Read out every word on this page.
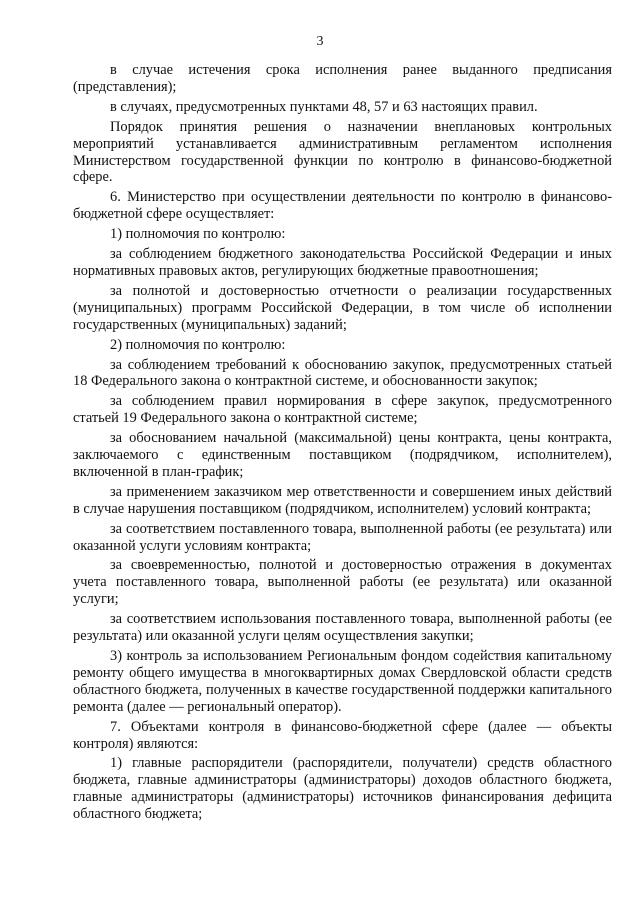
3

в случае истечения срока исполнения ранее выданного предписания (представления);

в случаях, предусмотренных пунктами 48, 57 и 63 настоящих правил.

Порядок принятия решения о назначении внеплановых контрольных мероприятий устанавливается административным регламентом исполнения Министерством государственной функции по контролю в финансово-бюджетной сфере.

6. Министерство при осуществлении деятельности по контролю в финансово-бюджетной сфере осуществляет:

1) полномочия по контролю:

за соблюдением бюджетного законодательства Российской Федерации и иных нормативных правовых актов, регулирующих бюджетные правоотношения;

за полнотой и достоверностью отчетности о реализации государственных (муниципальных) программ Российской Федерации, в том числе об исполнении государственных (муниципальных) заданий;

2) полномочия по контролю:

за соблюдением требований к обоснованию закупок, предусмотренных статьей 18 Федерального закона о контрактной системе, и обоснованности закупок;

за соблюдением правил нормирования в сфере закупок, предусмотренного статьей 19 Федерального закона о контрактной системе;

за обоснованием начальной (максимальной) цены контракта, цены контракта, заключаемого с единственным поставщиком (подрядчиком, исполнителем), включенной в план-график;

за применением заказчиком мер ответственности и совершением иных действий в случае нарушения поставщиком (подрядчиком, исполнителем) условий контракта;

за соответствием поставленного товара, выполненной работы (ее результата) или оказанной услуги условиям контракта;

за своевременностью, полнотой и достоверностью отражения в документах учета поставленного товара, выполненной работы (ее результата) или оказанной услуги;

за соответствием использования поставленного товара, выполненной работы (ее результата) или оказанной услуги целям осуществления закупки;

3) контроль за использованием Региональным фондом содействия капитальному ремонту общего имущества в многоквартирных домах Свердловской области средств областного бюджета, полученных в качестве государственной поддержки капитального ремонта (далее — региональный оператор).

7. Объектами контроля в финансово-бюджетной сфере (далее — объекты контроля) являются:

1) главные распорядители (распорядители, получатели) средств областного бюджета, главные администраторы (администраторы) доходов областного бюджета, главные администраторы (администраторы) источников финансирования дефицита областного бюджета;
